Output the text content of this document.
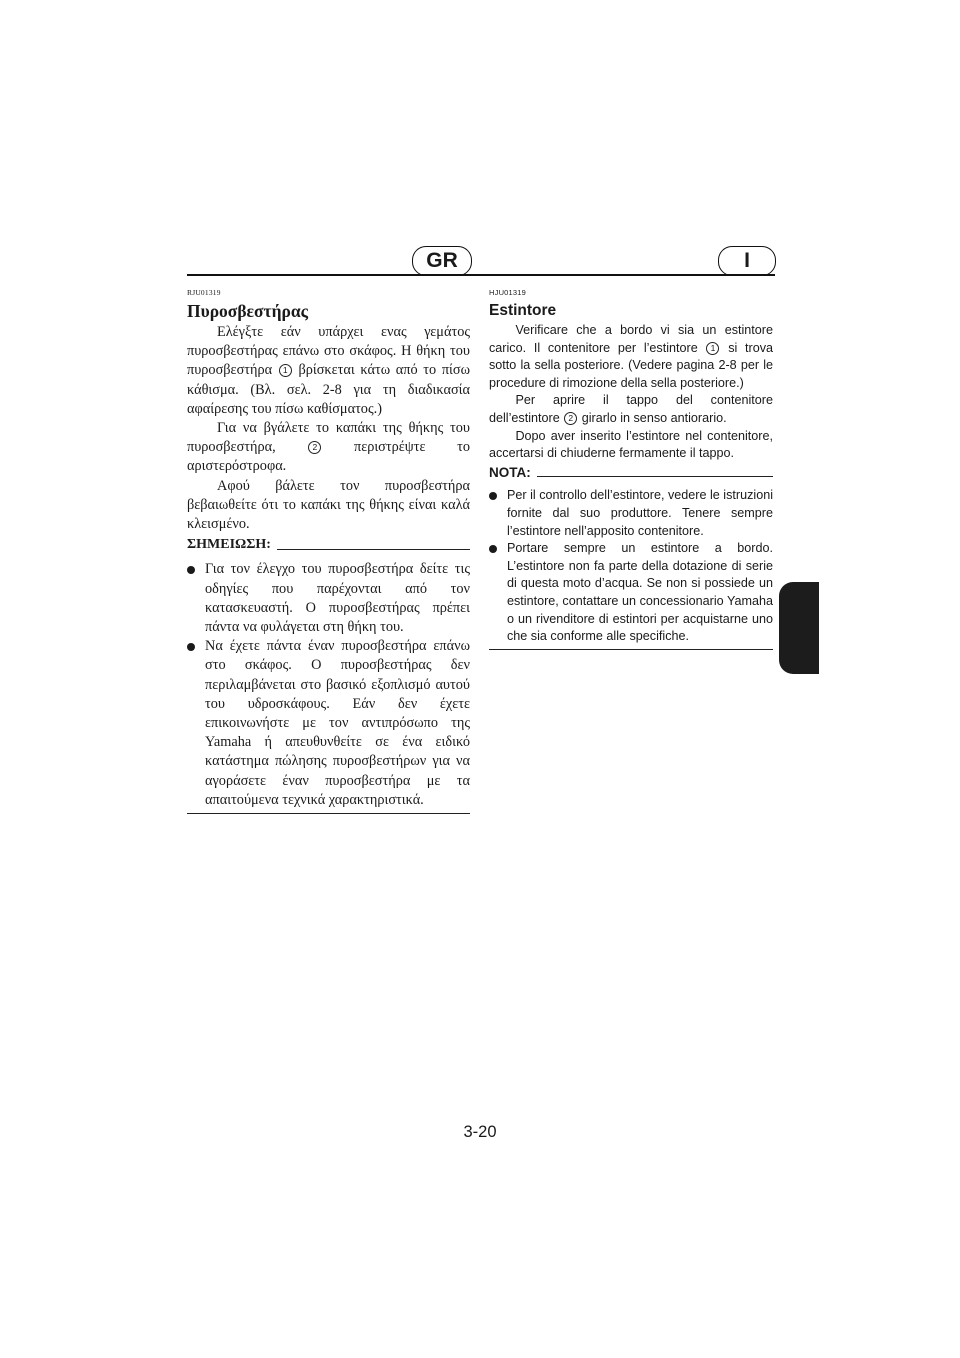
GR	I
RJU01319
Πυροσβεστήρας

Ελέγξτε εάν υπάρχει ενας γεμάτος πυροσβεστήρας επάνω στο σκάφος. Η θήκη του πυροσβεστήρα 1 βρίσκεται κάτω από το πίσω κάθισμα. (Βλ. σελ. 2-8 για τη διαδικασία αφαίρεσης του πίσω καθίσματος.)

Για να βγάλετε το καπάκι της θήκης του πυροσβεστήρα,	2	περιστρέψτε το αριστερόστροφα.

Αφού βάλετε τον πυροσβεστήρα βεβαιωθείτε ότι το καπάκι της θήκης είναι καλά κλεισμένο.

ΣΗΜΕΙΩΣΗ:
Για τον έλεγχο του πυροσβεστήρα δείτε τις οδηγίες που παρέχονται από τον κατασκευαστή. Ο πυροσβεστήρας πρέπει πάντα να φυλάγεται στη θήκη του.
Να έχετε πάντα έναν πυροσβεστήρα επάνω στο σκάφος. Ο πυροσβεστήρας δεν περιλαμβάνεται στο βασικό εξοπλισμό αυτού του υδροσκάφους. Εάν δεν έχετε επικοινωνήστε με τον αντιπρόσωπο της Yamaha ή απευθυνθείτε σε ένα ειδικό κατάστημα πώλησης πυροσβεστήρων για να αγοράσετε έναν πυροσβεστήρα με τα απαιτούμενα τεχνικά χαρακτηριστικά.
HJU01319
Estintore

Verificare che a bordo vi sia un estintore carico. Il contenitore per l’estintore 1 si trova sotto la sella posteriore. (Vedere pagina 2-8 per le procedure di rimozione della sella posteriore.)

Per aprire il tappo del contenitore dell’estintore 2 girarlo in senso antiorario.

Dopo aver inserito l’estintore nel contenitore, accertarsi di chiuderne fermamente il tappo.

NOTA:
Per il controllo dell’estintore, vedere le istruzioni fornite dal suo produttore. Tenere sempre l’estintore nell’apposito contenitore.
Portare sempre un estintore a bordo. L’estintore non fa parte della dotazione di serie di questa moto d’acqua. Se non si possiede un estintore, contattare un concessionario Yamaha o un rivenditore di estintori per acquistarne uno che sia conforme alle specifiche.
3-20
